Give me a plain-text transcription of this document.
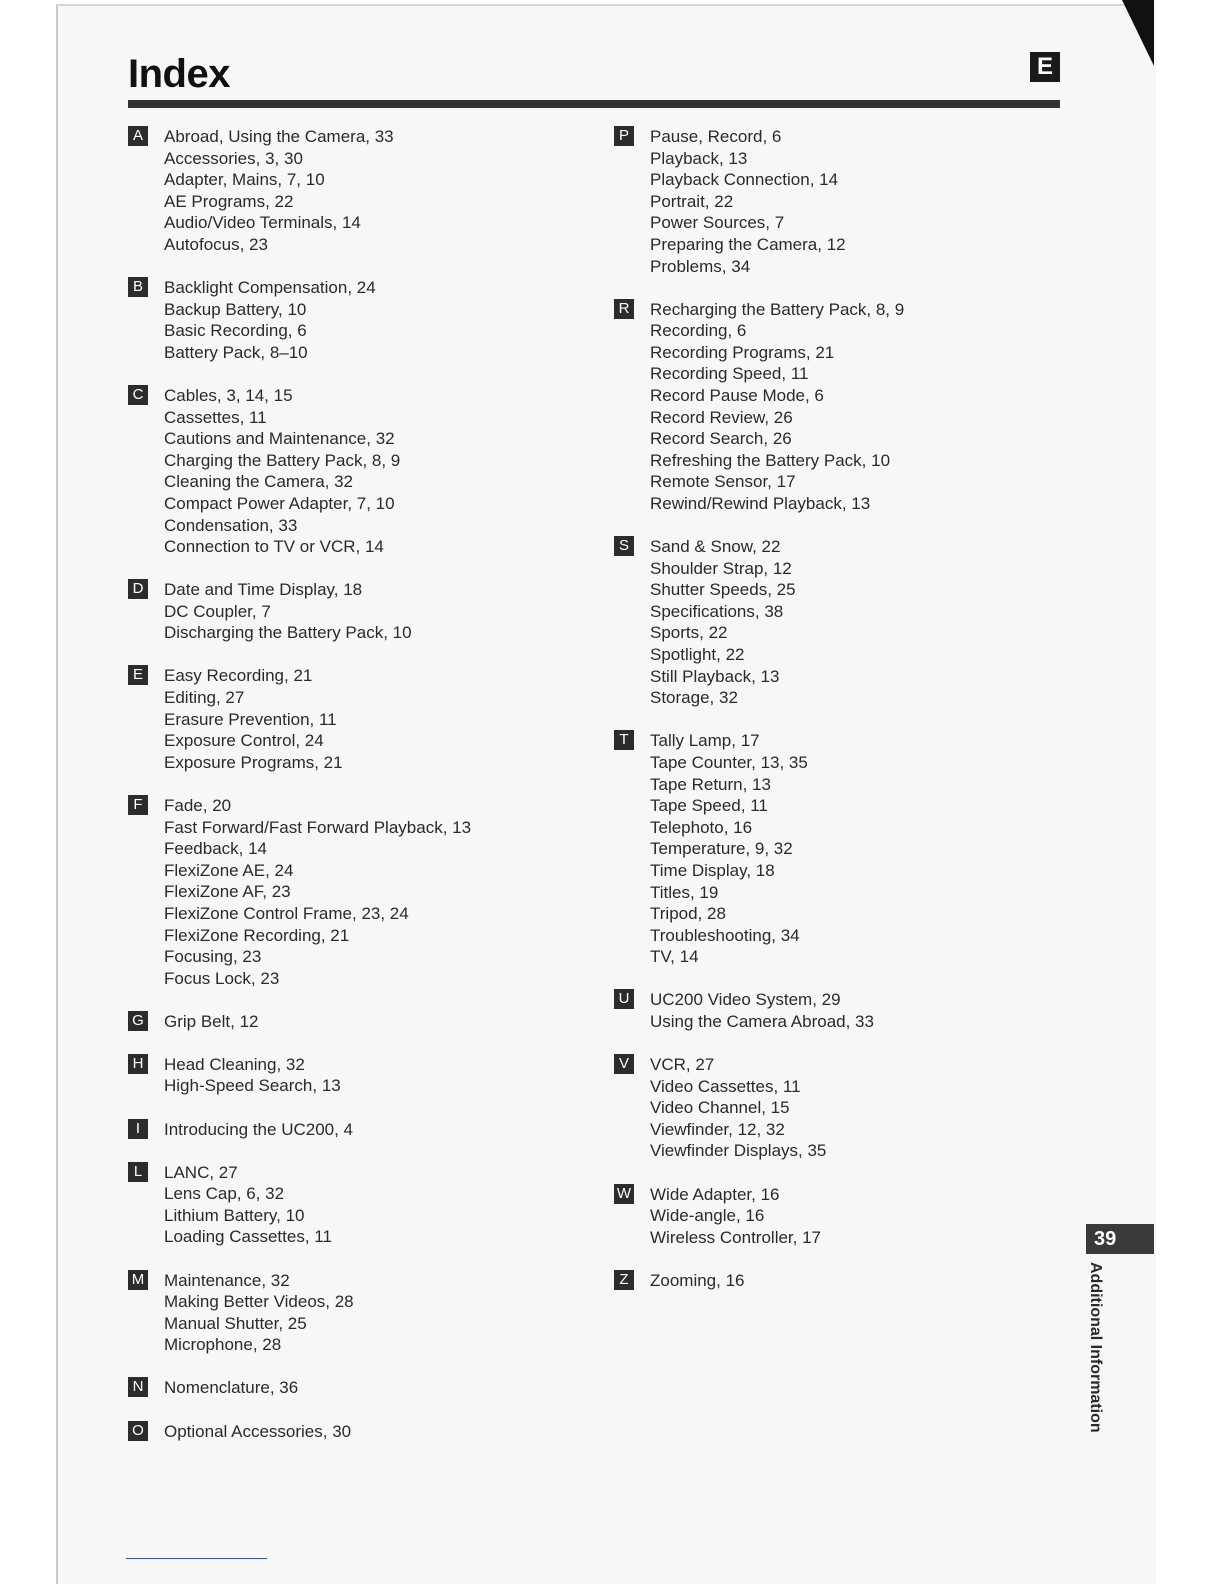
Index	E
A Abroad, Using the Camera, 33
Accessories, 3, 30
Adapter, Mains, 7, 10
AE Programs, 22
Audio/Video Terminals, 14
Autofocus, 23
B Backlight Compensation, 24
Backup Battery, 10
Basic Recording, 6
Battery Pack, 8–10
C Cables, 3, 14, 15
Cassettes, 11
Cautions and Maintenance, 32
Charging the Battery Pack, 8, 9
Cleaning the Camera, 32
Compact Power Adapter, 7, 10
Condensation, 33
Connection to TV or VCR, 14
D Date and Time Display, 18
DC Coupler, 7
Discharging the Battery Pack, 10
E Easy Recording, 21
Editing, 27
Erasure Prevention, 11
Exposure Control, 24
Exposure Programs, 21
F	Fade, 20
Fast Forward/Fast Forward Playback, 13
Feedback, 14
FlexiZone AE, 24
FlexiZone AF, 23
FlexiZone Control Frame, 23, 24
FlexiZone Recording, 21
Focusing, 23
Focus Lock, 23
G Grip Belt, 12
H Head Cleaning, 32
High-Speed Search, 13
I	Introducing the UC200, 4
L	LANC, 27
Lens Cap, 6, 32
Lithium Battery, 10
Loading Cassettes, 11
M Maintenance, 32
Making Better Videos, 28
Manual Shutter, 25
Microphone, 28
N Nomenclature, 36
O Optional Accessories, 30
P Pause, Record, 6
Playback, 13
Playback Connection, 14
Portrait, 22
Power Sources, 7
Preparing the Camera, 12
Problems, 34
R Recharging the Battery Pack, 8, 9
Recording, 6
Recording Programs, 21
Recording Speed, 11
Record Pause Mode, 6
Record Review, 26
Record Search, 26
Refreshing the Battery Pack, 10
Remote Sensor, 17
Rewind/Rewind Playback, 13
S Sand & Snow, 22
Shoulder Strap, 12
Shutter Speeds, 25
Specifications, 38
Sports, 22
Spotlight, 22
Still Playback, 13
Storage, 32
T	Tally Lamp, 17
Tape Counter, 13, 35
Tape Return, 13
Tape Speed, 11
Telephoto, 16
Temperature, 9, 32
Time Display, 18
Titles, 19
Tripod, 28
Troubleshooting, 34
TV, 14
U UC200 Video System, 29
Using the Camera Abroad, 33
V VCR, 27
Video Cassettes, 11
Video Channel, 15
Viewfinder, 12, 32
Viewfinder Displays, 35
W Wide Adapter, 16
Wide-angle, 16
Wireless Controller, 17
Z	Zooming, 16
39
Additional Information
